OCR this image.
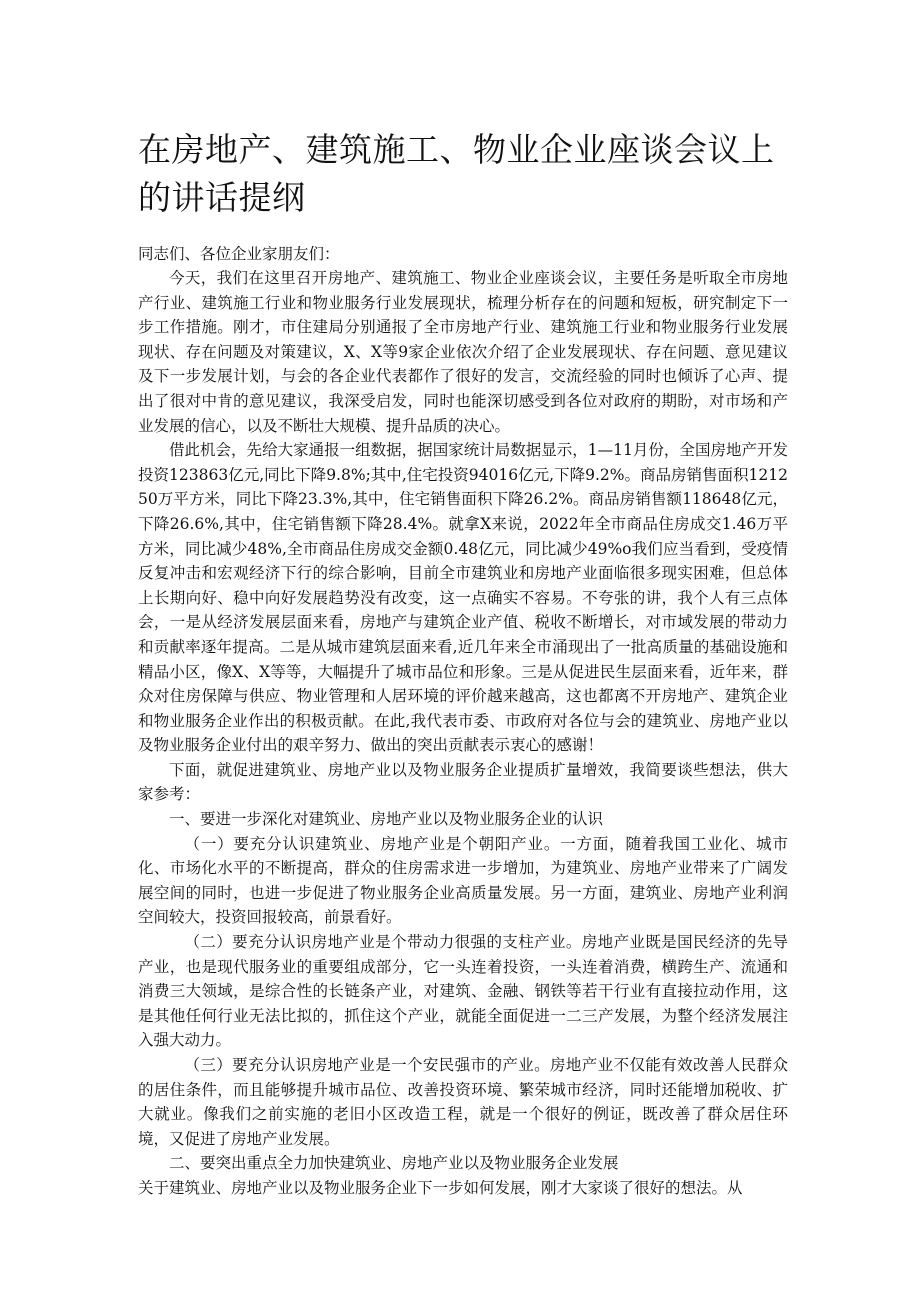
在房地产、建筑施工、物业企业座谈会议上的讲话提纲

同志们、各位企业家朋友们：

今天，我们在这里召开房地产、建筑施工、物业企业座谈会议，主要任务是听取全市房地产行业、建筑施工行业和物业服务行业发展现状，梳理分析存在的问题和短板，研究制定下一步工作措施。刚才，市住建局分别通报了全市房地产行业、建筑施工行业和物业服务行业发展现状、存在问题及对策建议，X、X等9家企业依次介绍了企业发展现状、存在问题、意见建议及下一步发展计划，与会的各企业代表都作了很好的发言，交流经验的同时也倾诉了心声、提出了很对中肯的意见建议，我深受启发，同时也能深切感受到各位对政府的期盼，对市场和产业发展的信心，以及不断壮大规模、提升品质的决心。

借此机会，先给大家通报一组数据，据国家统计局数据显示，1—11月份，全国房地产开发投资123863亿元,同比下降9.8%;其中,住宅投资94016亿元,下降9.2%。商品房销售面积121250万平方米，同比下降23.3%,其中，住宅销售面积下降26.2%。商品房销售额118648亿元，下降26.6%,其中，住宅销售额下降28.4%。就拿X来说，2022年全市商品住房成交1.46万平方米，同比减少48%,全市商品住房成交金额0.48亿元，同比减少49%o我们应当看到，受疫情反复冲击和宏观经济下行的综合影响，目前全市建筑业和房地产业面临很多现实困难，但总体上长期向好、稳中向好发展趋势没有改变，这一点确实不容易。不夸张的讲，我个人有三点体会，一是从经济发展层面来看，房地产与建筑企业产值、税收不断增长，对市域发展的带动力和贡献率逐年提高。二是从城市建筑层面来看,近几年来全市涌现出了一批高质量的基础设施和精品小区，像X、X等等，大幅提升了城市品位和形象。三是从促进民生层面来看，近年来，群众对住房保障与供应、物业管理和人居环境的评价越来越高，这也都离不开房地产、建筑企业和物业服务企业作出的积极贡献。在此,我代表市委、市政府对各位与会的建筑业、房地产业以及物业服务企业付出的艰辛努力、做出的突出贡献表示衷心的感谢！

下面，就促进建筑业、房地产业以及物业服务企业提质扩量增效，我简要谈些想法，供大家参考：

一、要进一步深化对建筑业、房地产业以及物业服务企业的认识

（一）要充分认识建筑业、房地产业是个朝阳产业。一方面，随着我国工业化、城市化、市场化水平的不断提高，群众的住房需求进一步增加，为建筑业、房地产业带来了广阔发展空间的同时，也进一步促进了物业服务企业高质量发展。另一方面，建筑业、房地产业利润空间较大，投资回报较高，前景看好。

（二）要充分认识房地产业是个带动力很强的支柱产业。房地产业既是国民经济的先导产业，也是现代服务业的重要组成部分，它一头连着投资，一头连着消费，横跨生产、流通和消费三大领域，是综合性的长链条产业，对建筑、金融、钢铁等若干行业有直接拉动作用，这是其他任何行业无法比拟的，抓住这个产业，就能全面促进一二三产发展，为整个经济发展注入强大动力。

（三）要充分认识房地产业是一个安民强市的产业。房地产业不仅能有效改善人民群众的居住条件，而且能够提升城市品位、改善投资环境、繁荣城市经济，同时还能增加税收、扩大就业。像我们之前实施的老旧小区改造工程，就是一个很好的例证，既改善了群众居住环境，又促进了房地产业发展。

二、要突出重点全力加快建筑业、房地产业以及物业服务企业发展

关于建筑业、房地产业以及物业服务企业下一步如何发展，刚才大家谈了很好的想法。从
